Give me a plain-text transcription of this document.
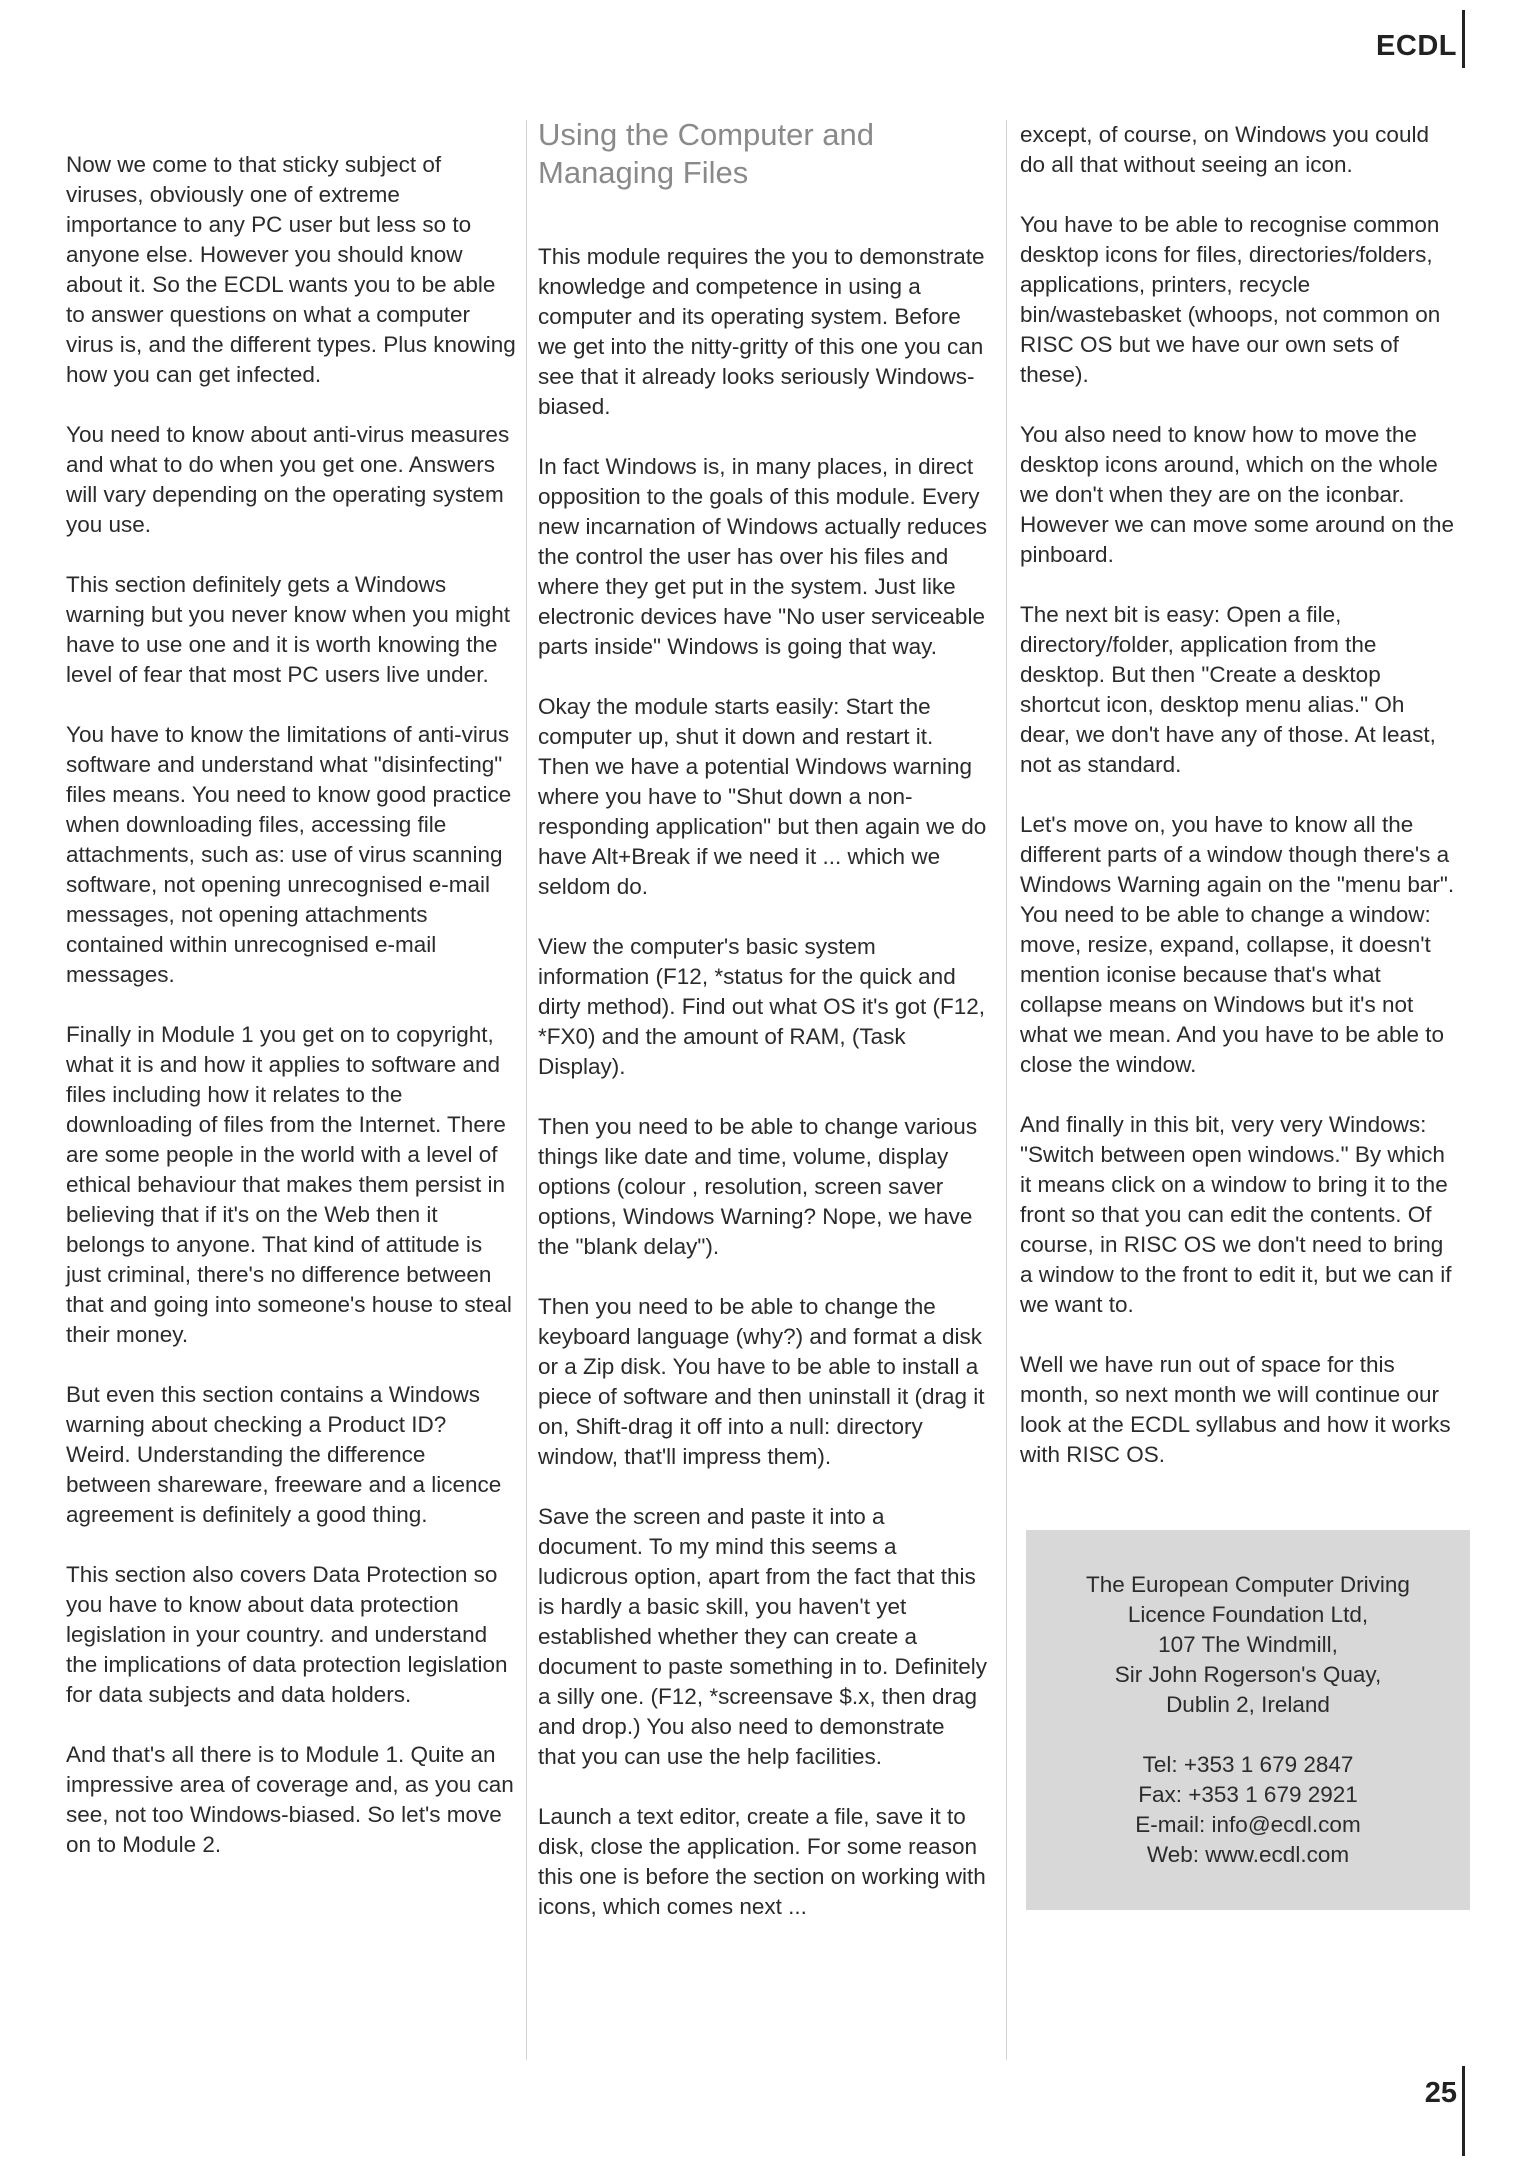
ECDL

Now we come to that sticky subject of viruses, obviously one of extreme importance to any PC user but less so to anyone else. However you should know about it. So the ECDL wants you to be able to answer questions on what a computer virus is, and the different types. Plus knowing how you can get infected.

You need to know about anti-virus measures and what to do when you get one. Answers will vary depending on the operating system you use.

This section definitely gets a Windows warning but you never know when you might have to use one and it is worth knowing the level of fear that most PC users live under.

You have to know the limitations of anti-virus software and understand what "disinfecting" files means. You need to know good practice when downloading files, accessing file attachments, such as: use of virus scanning software, not opening unrecognised e-mail messages, not opening attachments contained within unrecognised e-mail messages.

Finally in Module 1 you get on to copyright, what it is and how it applies to software and files including how it relates to the downloading of files from the Internet. There are some people in the world with a level of ethical behaviour that makes them persist in believing that if it's on the Web then it belongs to anyone. That kind of attitude is just criminal, there's no difference between that and going into someone's house to steal their money.

But even this section contains a Windows warning about checking a Product ID? Weird. Understanding the difference between shareware, freeware and a licence agreement is definitely a good thing.

This section also covers Data Protection so you have to know about data protection legislation in your country. and understand the implications of data protection legislation for data subjects and data holders.

And that's all there is to Module 1. Quite an impressive area of coverage and, as you can see, not too Windows-biased. So let's move on to Module 2.

Using the Computer and Managing Files

This module requires the you to demonstrate knowledge and competence in using a computer and its operating system. Before we get into the nitty-gritty of this one you can see that it already looks seriously Windows-biased.

In fact Windows is, in many places, in direct opposition to the goals of this module. Every new incarnation of Windows actually reduces the control the user has over his files and where they get put in the system. Just like electronic devices have "No user serviceable parts inside" Windows is going that way.

Okay the module starts easily: Start the computer up, shut it down and restart it. Then we have a potential Windows warning where you have to "Shut down a non-responding application" but then again we do have Alt+Break if we need it ... which we seldom do.

View the computer's basic system information (F12, *status for the quick and dirty method). Find out what OS it's got (F12, *FX0) and the amount of RAM, (Task Display).

Then you need to be able to change various things like date and time, volume, display options (colour , resolution, screen saver options, Windows Warning? Nope, we have the "blank delay").

Then you need to be able to change the keyboard language (why?) and format a disk or a Zip disk. You have to be able to install a piece of software and then uninstall it (drag it on, Shift-drag it off into a null: directory window, that'll impress them).

Save the screen and paste it into a document. To my mind this seems a ludicrous option, apart from the fact that this is hardly a basic skill, you haven't yet established whether they can create a document to paste something in to. Definitely a silly one. (F12, *screensave $.x, then drag and drop.) You also need to demonstrate that you can use the help facilities.

Launch a text editor, create a file, save it to disk, close the application. For some reason this one is before the section on working with icons, which comes next ...

except, of course, on Windows you could do all that without seeing an icon.

You have to be able to recognise common desktop icons for files, directories/folders, applications, printers, recycle bin/wastebasket (whoops, not common on RISC OS but we have our own sets of these).

You also need to know how to move the desktop icons around, which on the whole we don't when they are on the iconbar. However we can move some around on the pinboard.

The next bit is easy: Open a file, directory/folder, application from the desktop. But then "Create a desktop shortcut icon, desktop menu alias." Oh dear, we don't have any of those. At least, not as standard.

Let's move on, you have to know all the different parts of a window though there's a Windows Warning again on the "menu bar". You need to be able to change a window: move, resize, expand, collapse, it doesn't mention iconise because that's what collapse means on Windows but it's not what we mean. And you have to be able to close the window.

And finally in this bit, very very Windows: "Switch between open windows." By which it means click on a window to bring it to the front so that you can edit the contents. Of course, in RISC OS we don't need to bring a window to the front to edit it, but we can if we want to.

Well we have run out of space for this month, so next month we will continue our look at the ECDL syllabus and how it works with RISC OS.

The European Computer Driving
Licence Foundation Ltd,
107 The Windmill,
Sir John Rogerson's Quay,
Dublin 2, Ireland
Tel: +353 1 679 2847
Fax: +353 1 679 2921
E-mail: info@ecdl.com
Web: www.ecdl.com
25
